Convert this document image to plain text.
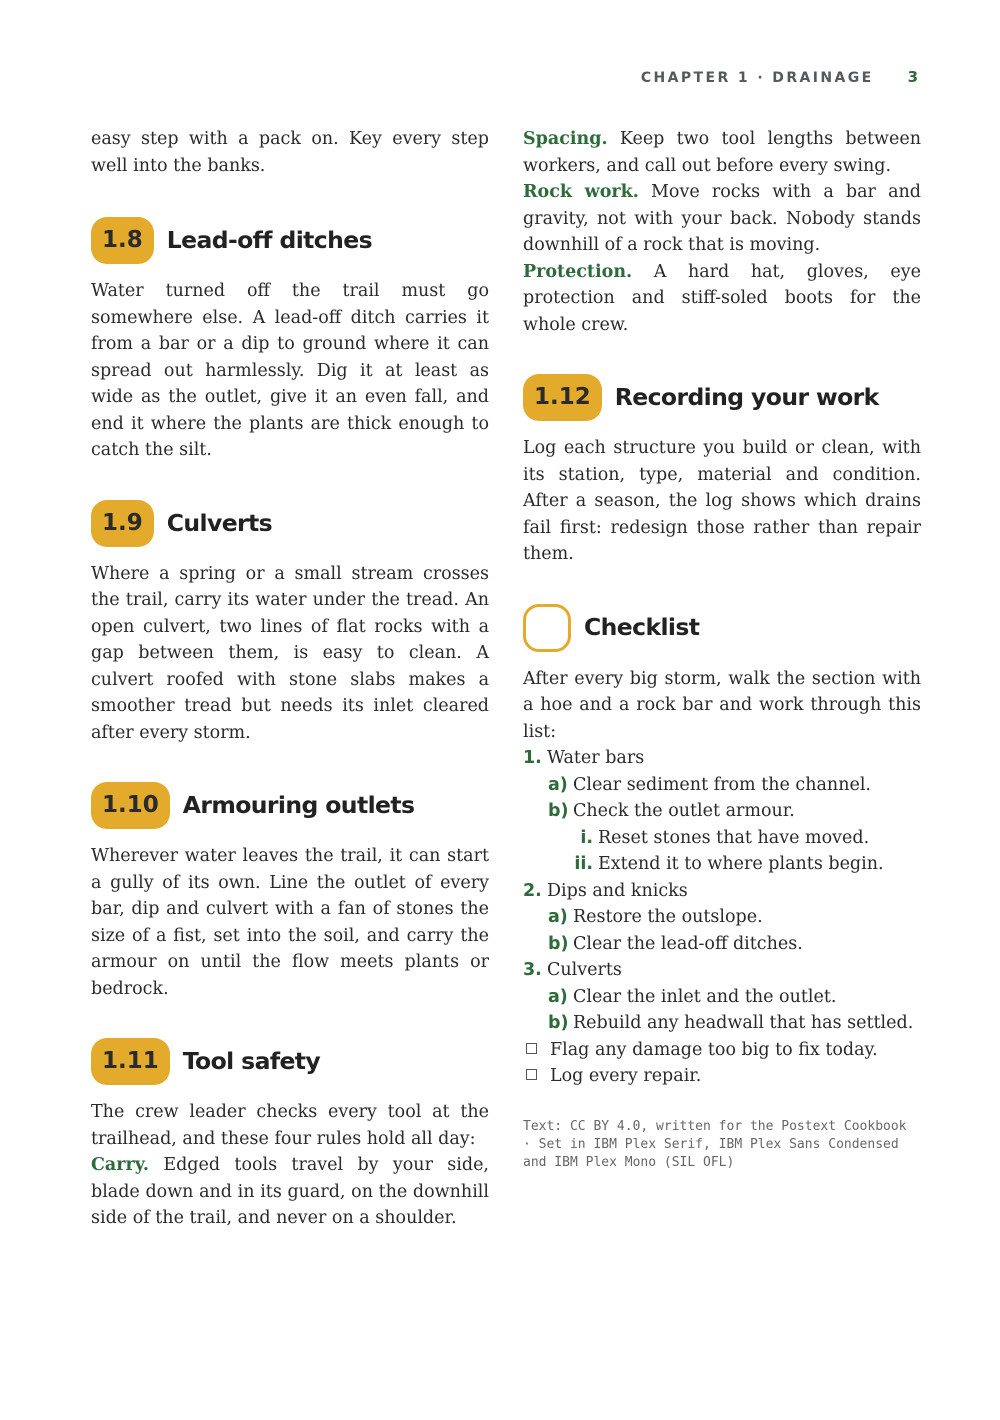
CHAPTER 1 · DRAINAGE 3

easy step with a pack on. Key every step well into the banks.

1.8	Lead-off ditches

Water turned off the trail must go somewhere else. A lead-off ditch carries it from a bar or a dip to ground where it can spread out harmlessly. Dig it at least as wide as the outlet, give it an even fall, and end it where the plants are thick enough to catch the silt.

1.9	Culverts

Where a spring or a small stream crosses the trail, carry its water under the tread. An open culvert, two lines of flat rocks with a gap between them, is easy to clean. A culvert roofed with stone slabs makes a smoother tread but needs its inlet cleared after every storm.

1.10	Armouring outlets

Wherever water leaves the trail, it can start a gully of its own. Line the outlet of every bar, dip and culvert with a fan of stones the size of a fist, set into the soil, and carry the armour on until the flow meets plants or bedrock.

1.11	Tool safety

The crew leader checks every tool at the trailhead, and these four rules hold all day:

Carry. Edged tools travel by your side, blade down and in its guard, on the downhill side of the trail, and never on a shoulder.

Spacing. Keep two tool lengths between workers, and call out before every swing.

Rock work. Move rocks with a bar and gravity, not with your back. Nobody stands downhill of a rock that is moving.

Protection. A hard hat, gloves, eye protection and stiff-soled boots for the whole crew.

1.12	Recording your work

Log each structure you build or clean, with its station, type, material and condition. After a season, the log shows which drains fail first: redesign those rather than repair them.

Checklist

After every big storm, walk the section with a hoe and a rock bar and work through this list:

1. Water bars
a) Clear sediment from the channel.
b) Check the outlet armour.
i. Reset stones that have moved.
ii. Extend it to where plants begin.
2. Dips and knicks
a) Restore the outslope.
b) Clear the lead-off ditches.
3. Culverts
a) Clear the inlet and the outlet.
b) Rebuild any headwall that has settled.
Flag any damage too big to fix today.
Log every repair.

Text: CC BY 4.0, written for the Postext Cookbook · Set in IBM Plex Serif, IBM Plex Sans Condensed and IBM Plex Mono (SIL OFL)
